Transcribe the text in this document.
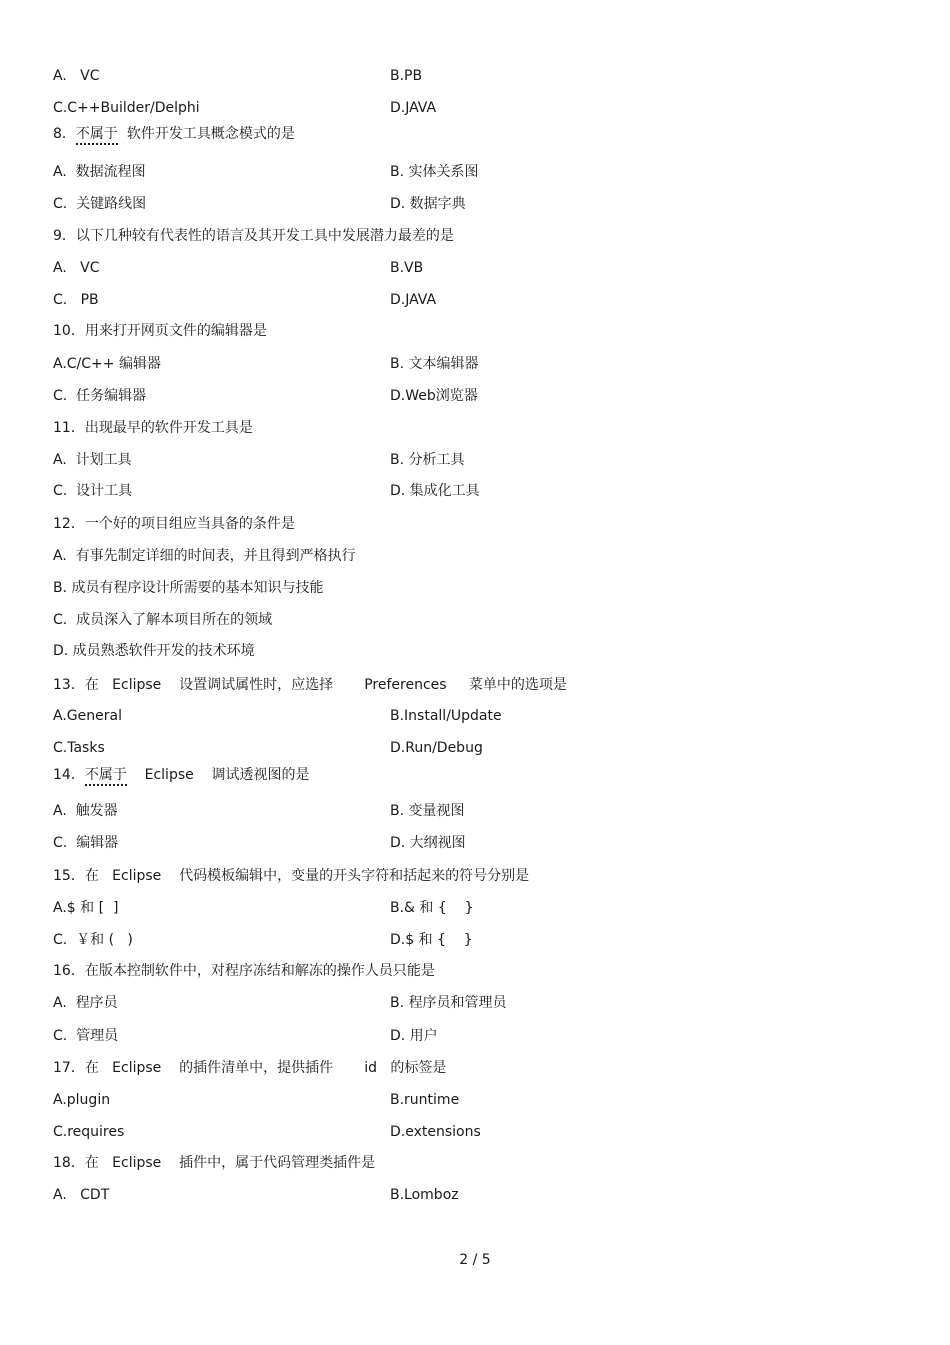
A.   VC	B.PB
C.C++Builder/Delphi	D.JAVA
8．不属于  软件开发工具概念模式的是
A.  数据流程图	B. 实体关系图
C.  关键路线图	D. 数据字典
9．以下几种较有代表性的语言及其开发工具中发展潜力最差的是
A.   VC	B.VB
C.   PB	D.JAVA
10．用来打开网页文件的编辑器是
A.C/C++ 编辑器	B. 文本编辑器
C.  任务编辑器	D.Web浏览器
11．出现最早的软件开发工具是
A.  计划工具	B. 分析工具
C.  设计工具	D. 集成化工具
12．一个好的项目组应当具备的条件是
A.  有事先制定详细的时间表，并且得到严格执行
B. 成员有程序设计所需要的基本知识与技能
C.  成员深入了解本项目所在的领域
D. 成员熟悉软件开发的技术环境
13．在   Eclipse    设置调试属性时，应选择       Preferences     菜单中的选项是
A.General	B.Install/Update
C.Tasks	D.Run/Debug
14．不属于    Eclipse    调试透视图的是
A.  触发器	B. 变量视图
C.  编辑器	D. 大纲视图
15．在   Eclipse    代码模板编辑中，变量的开头字符和括起来的符号分别是
A.$ 和 [  ]	B.& 和 {    }
C.  ￥和 (   )	D.$ 和 {    }
16．在版本控制软件中，对程序冻结和解冻的操作人员只能是
A.  程序员	B. 程序员和管理员
C.  管理员	D. 用户
17．在   Eclipse    的插件清单中，提供插件       id   的标签是
A.plugin	B.runtime
C.requires	D.extensions
18．在   Eclipse    插件中，属于代码管理类插件是
A.   CDT	B.Lomboz
2 / 5
